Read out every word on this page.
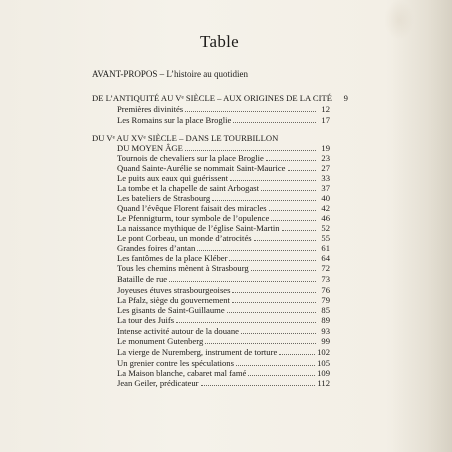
Table
AVANT-PROPOS – L’histoire au quotidien
DE L’ANTIQUITÉ AU Vᵉ SIÈCLE – AUX ORIGINES DE LA CITÉ	9
Premières divinités	12
Les Romains sur la place Broglie	17
DU Vᵉ AU XVᵉ SIÈCLE – DANS LE TOURBILLON
DU MOYEN ÂGE	19
Tournois de chevaliers sur la place Broglie	23
Quand Sainte-Aurélie se nommait Saint-Maurice	27
Le puits aux eaux qui guérissent	33
La tombe et la chapelle de saint Arbogast	37
Les bateliers de Strasbourg	40
Quand l’évêque Florent faisait des miracles	42
Le Pfennigturm, tour symbole de l’opulence	46
La naissance mythique de l’église Saint-Martin	52
Le pont Corbeau, un monde d’atrocités	55
Grandes foires d’antan	61
Les fantômes de la place Kléber	64
Tous les chemins mènent à Strasbourg	72
Bataille de rue	73
Joyeuses étuves strasbourgeoises	76
La Pfalz, siège du gouvernement	79
Les gisants de Saint-Guillaume	85
La tour des Juifs	89
Intense activité autour de la douane	93
Le monument Gutenberg	99
La vierge de Nuremberg, instrument de torture	102
Un grenier contre les spéculations	105
La Maison blanche, cabaret mal famé	109
Jean Geiler, prédicateur	112
